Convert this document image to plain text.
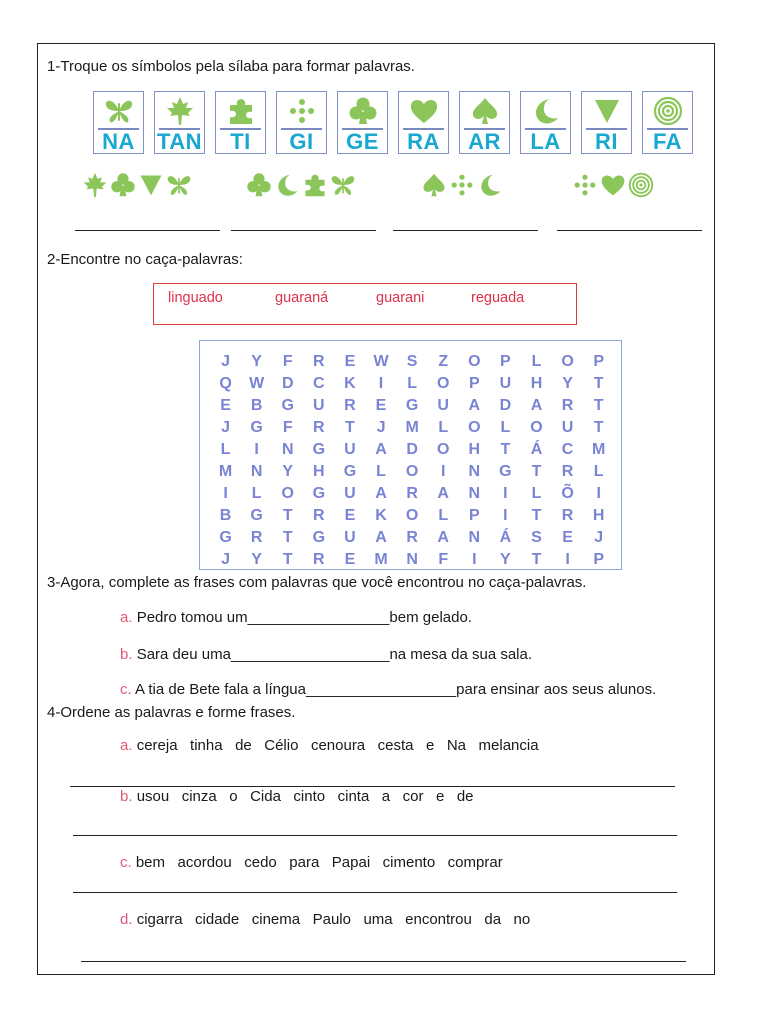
1-Troque os símbolos pela sílaba para formar palavras.
NA	TAN	TI	GI	GE	RA	AR	LA	RI	FA
2-Encontre no caça-palavras:
linguado	guaraná	guarani	reguada
J	Y	F	R	E	W	S	Z	O	P	L	O	P
Q	W	D	C	K	I	L	O	P	U	H	Y	T
E	B	G	U	R	E	G	U	A	D	A	R	T
J	G	F	R	T	J	M	L	O	L	O	U	T
L	I	N	G	U	A	D	O	H	T	Á	C	M
M	N	Y	H	G	L	O	I	N	G	T	R	L
I	L	O	G	U	A	R	A	N	I	L	Õ	I
B	G	T	R	E	K	O	L	P	I	T	R	H
G	R	T	G	U	A	R	A	N	Á	S	E	J
J	Y	T	R	E	M	N	F	I	Y	T	I	P
3-Agora, complete as frases com palavras que você encontrou no caça-palavras.
a. Pedro tomou um_________________bem gelado.
b. Sara deu uma___________________na mesa da sua sala.
c. A tia de Bete fala a língua__________________para ensinar aos seus alunos.
4-Ordene as palavras e forme frases.
a. cereja   tinha   de   Célio   cenoura   cesta   e   Na   melancia
b. usou   cinza   o   Cida   cinto   cinta   a   cor   e   de
c. bem   acordou   cedo   para   Papai   cimento   comprar
d. cigarra   cidade   cinema   Paulo   uma   encontrou   da   no
